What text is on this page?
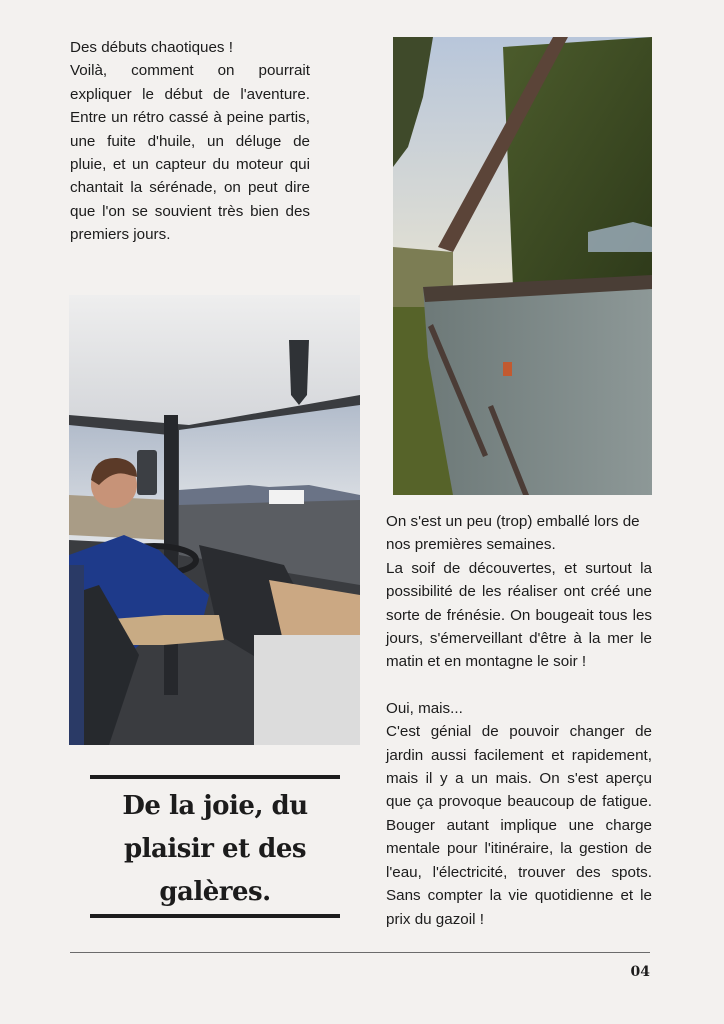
Des débuts chaotiques !

Voilà, comment on pourrait expliquer le début de l'aventure. Entre un rétro cassé à peine partis, une fuite d'huile, un déluge de pluie, et un capteur du moteur qui chantait la sérénade, on peut dire que l'on se souvient très bien des premiers jours.

On s'est un peu (trop) emballé lors de nos premières semaines.

La soif de découvertes, et surtout la possibilité de les réaliser ont créé une sorte de frénésie. On bougeait tous les jours, s'émerveillant d'être à la mer le matin et en montagne le soir !

Oui, mais...

C'est génial de pouvoir changer de jardin aussi facilement et rapidement, mais il y a un mais. On s'est aperçu que ça provoque beaucoup de fatigue. Bouger autant implique une charge mentale pour l'itinéraire, la gestion de l'eau, l'électricité, trouver des spots. Sans compter la vie quotidienne et le prix du gazoil !

De la joie, du
plaisir et des
galères.
04
